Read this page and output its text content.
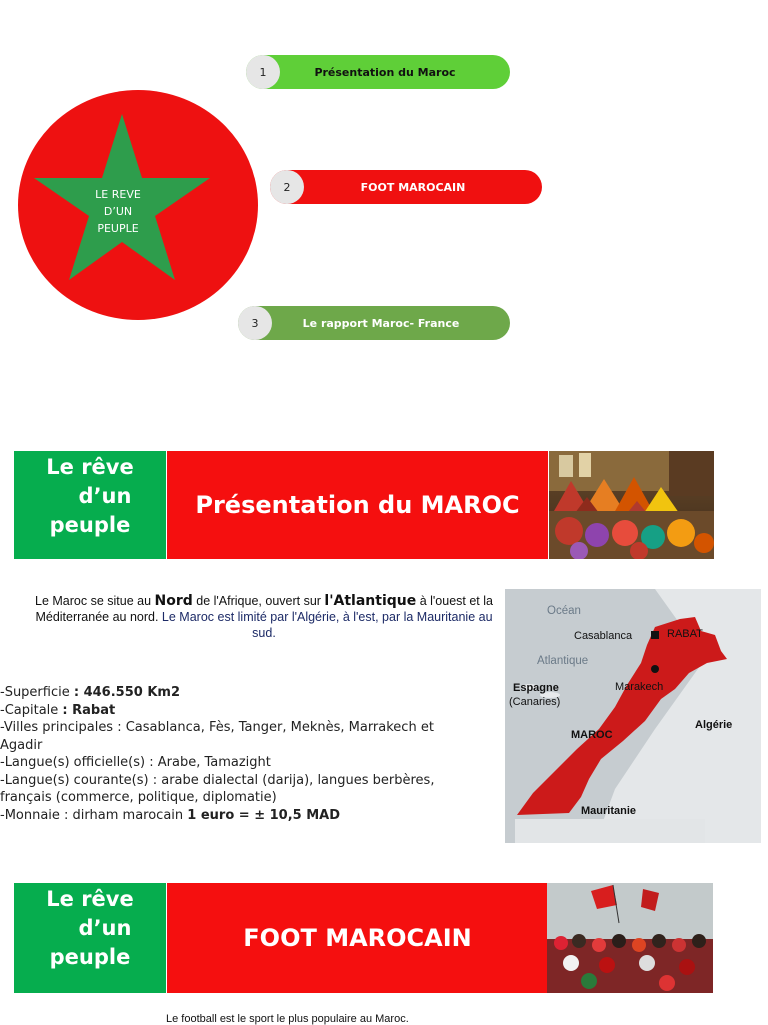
LE REVE
D’UN
PEUPLE
1	Présentation du Maroc
2	FOOT MAROCAIN
3	Le rapport Maroc- France
Le rêve
d’un
peuple
Présentation du MAROC
Le Maroc se situe au Nord de l'Afrique, ouvert sur l'Atlantique à l'ouest et la Méditerranée au nord. Le Maroc est limité par l'Algérie, à l'est, par la Mauritanie au sud.
-Superficie : 446.550 Km2
-Capitale : Rabat
-Villes principales : Casablanca, Fès, Tanger, Meknès, Marrakech et Agadir
-Langue(s) officielle(s) : Arabe, Tamazight
-Langue(s) courante(s) : arabe dialectal (darija), langues berbères, français (commerce, politique, diplomatie)
-Monnaie : dirham marocain 1 euro = ± 10,5 MAD
Océan
Atlantique
Casablanca	RABAT
Marakech
Espagne
(Canaries)
MAROC
Algérie
Mauritanie
Le rêve
d’un
peuple
FOOT MAROCAIN
Le football est le sport le plus populaire au Maroc.
